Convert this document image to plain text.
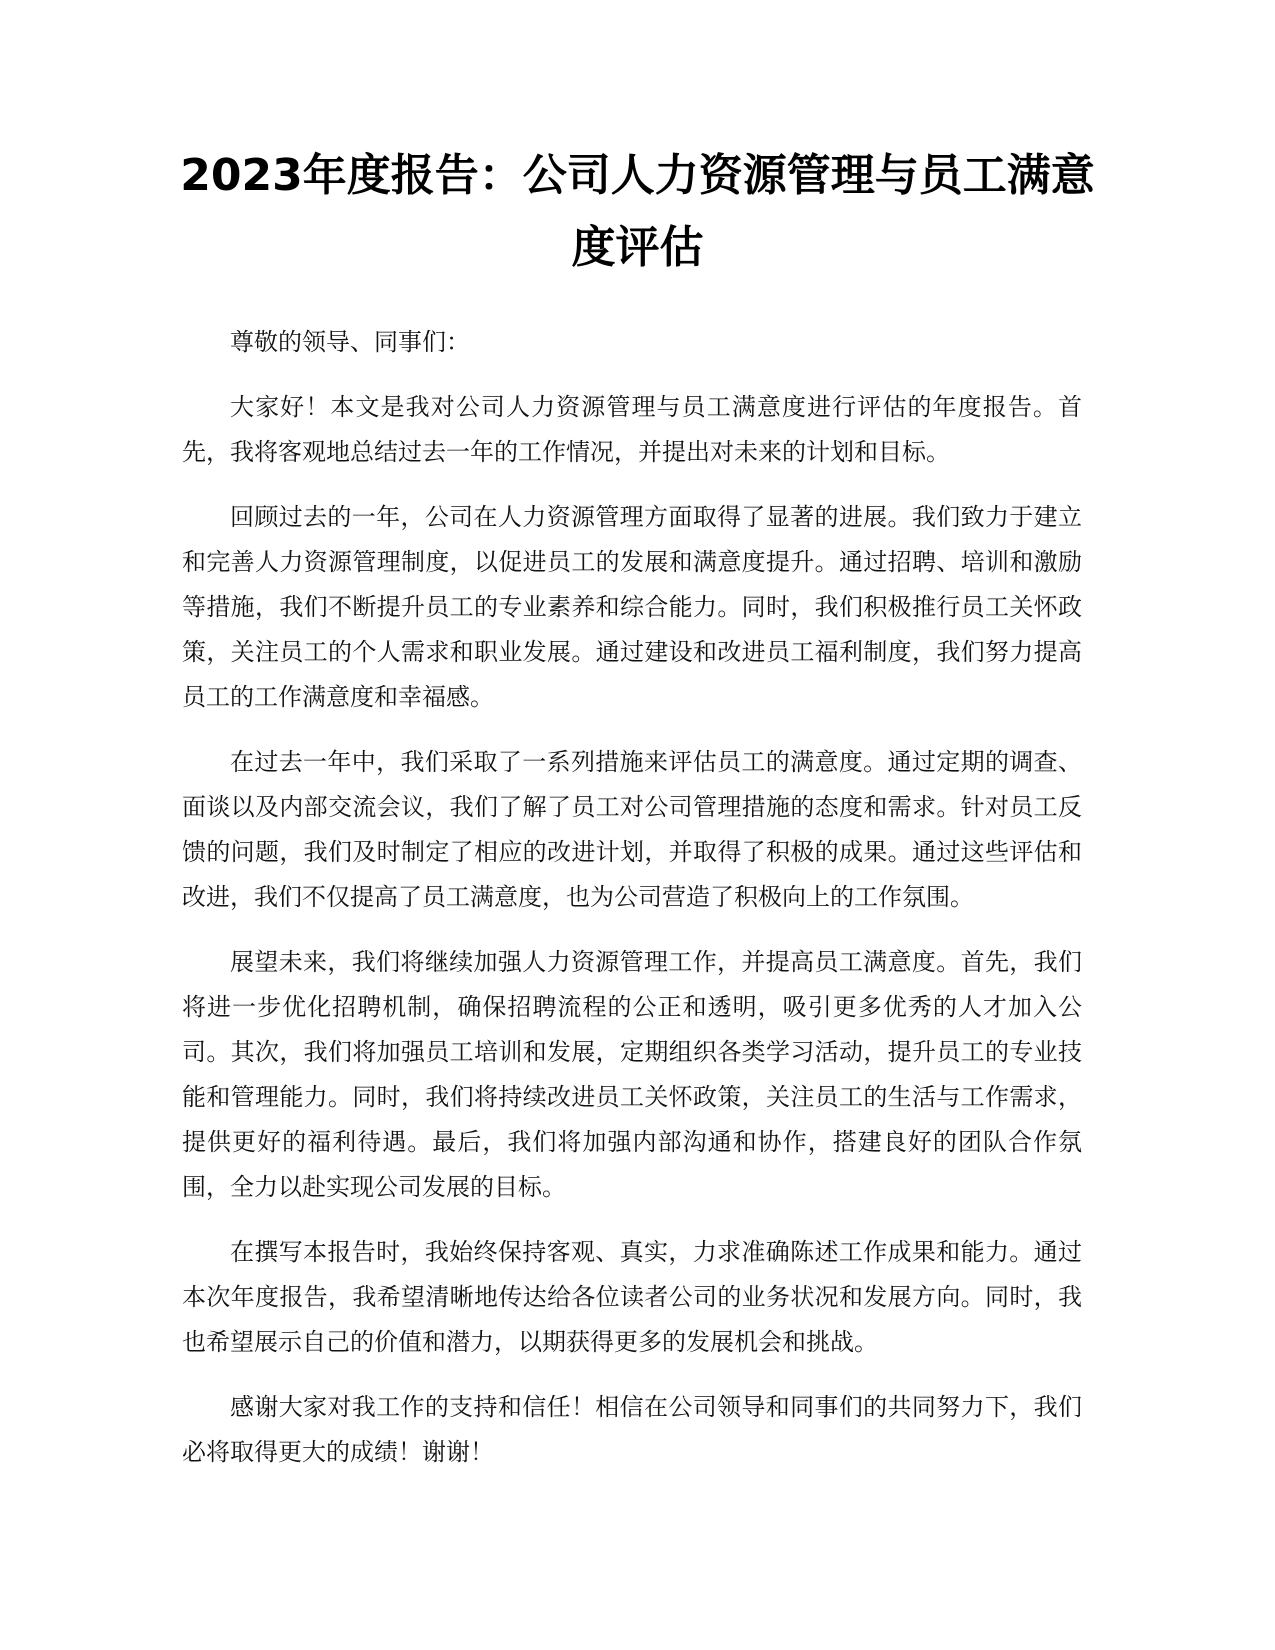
2023年度报告：公司人力资源管理与员工满意度评估

尊敬的领导、同事们：

大家好！本文是我对公司人力资源管理与员工满意度进行评估的年度报告。首先，我将客观地总结过去一年的工作情况，并提出对未来的计划和目标。

回顾过去的一年，公司在人力资源管理方面取得了显著的进展。我们致力于建立和完善人力资源管理制度，以促进员工的发展和满意度提升。通过招聘、培训和激励等措施，我们不断提升员工的专业素养和综合能力。同时，我们积极推行员工关怀政策，关注员工的个人需求和职业发展。通过建设和改进员工福利制度，我们努力提高员工的工作满意度和幸福感。

在过去一年中，我们采取了一系列措施来评估员工的满意度。通过定期的调查、面谈以及内部交流会议，我们了解了员工对公司管理措施的态度和需求。针对员工反馈的问题，我们及时制定了相应的改进计划，并取得了积极的成果。通过这些评估和改进，我们不仅提高了员工满意度，也为公司营造了积极向上的工作氛围。

展望未来，我们将继续加强人力资源管理工作，并提高员工满意度。首先，我们将进一步优化招聘机制，确保招聘流程的公正和透明，吸引更多优秀的人才加入公司。其次，我们将加强员工培训和发展，定期组织各类学习活动，提升员工的专业技能和管理能力。同时，我们将持续改进员工关怀政策，关注员工的生活与工作需求，提供更好的福利待遇。最后，我们将加强内部沟通和协作，搭建良好的团队合作氛围，全力以赴实现公司发展的目标。

在撰写本报告时，我始终保持客观、真实，力求准确陈述工作成果和能力。通过本次年度报告，我希望清晰地传达给各位读者公司的业务状况和发展方向。同时，我也希望展示自己的价值和潜力，以期获得更多的发展机会和挑战。

感谢大家对我工作的支持和信任！相信在公司领导和同事们的共同努力下，我们必将取得更大的成绩！谢谢！
